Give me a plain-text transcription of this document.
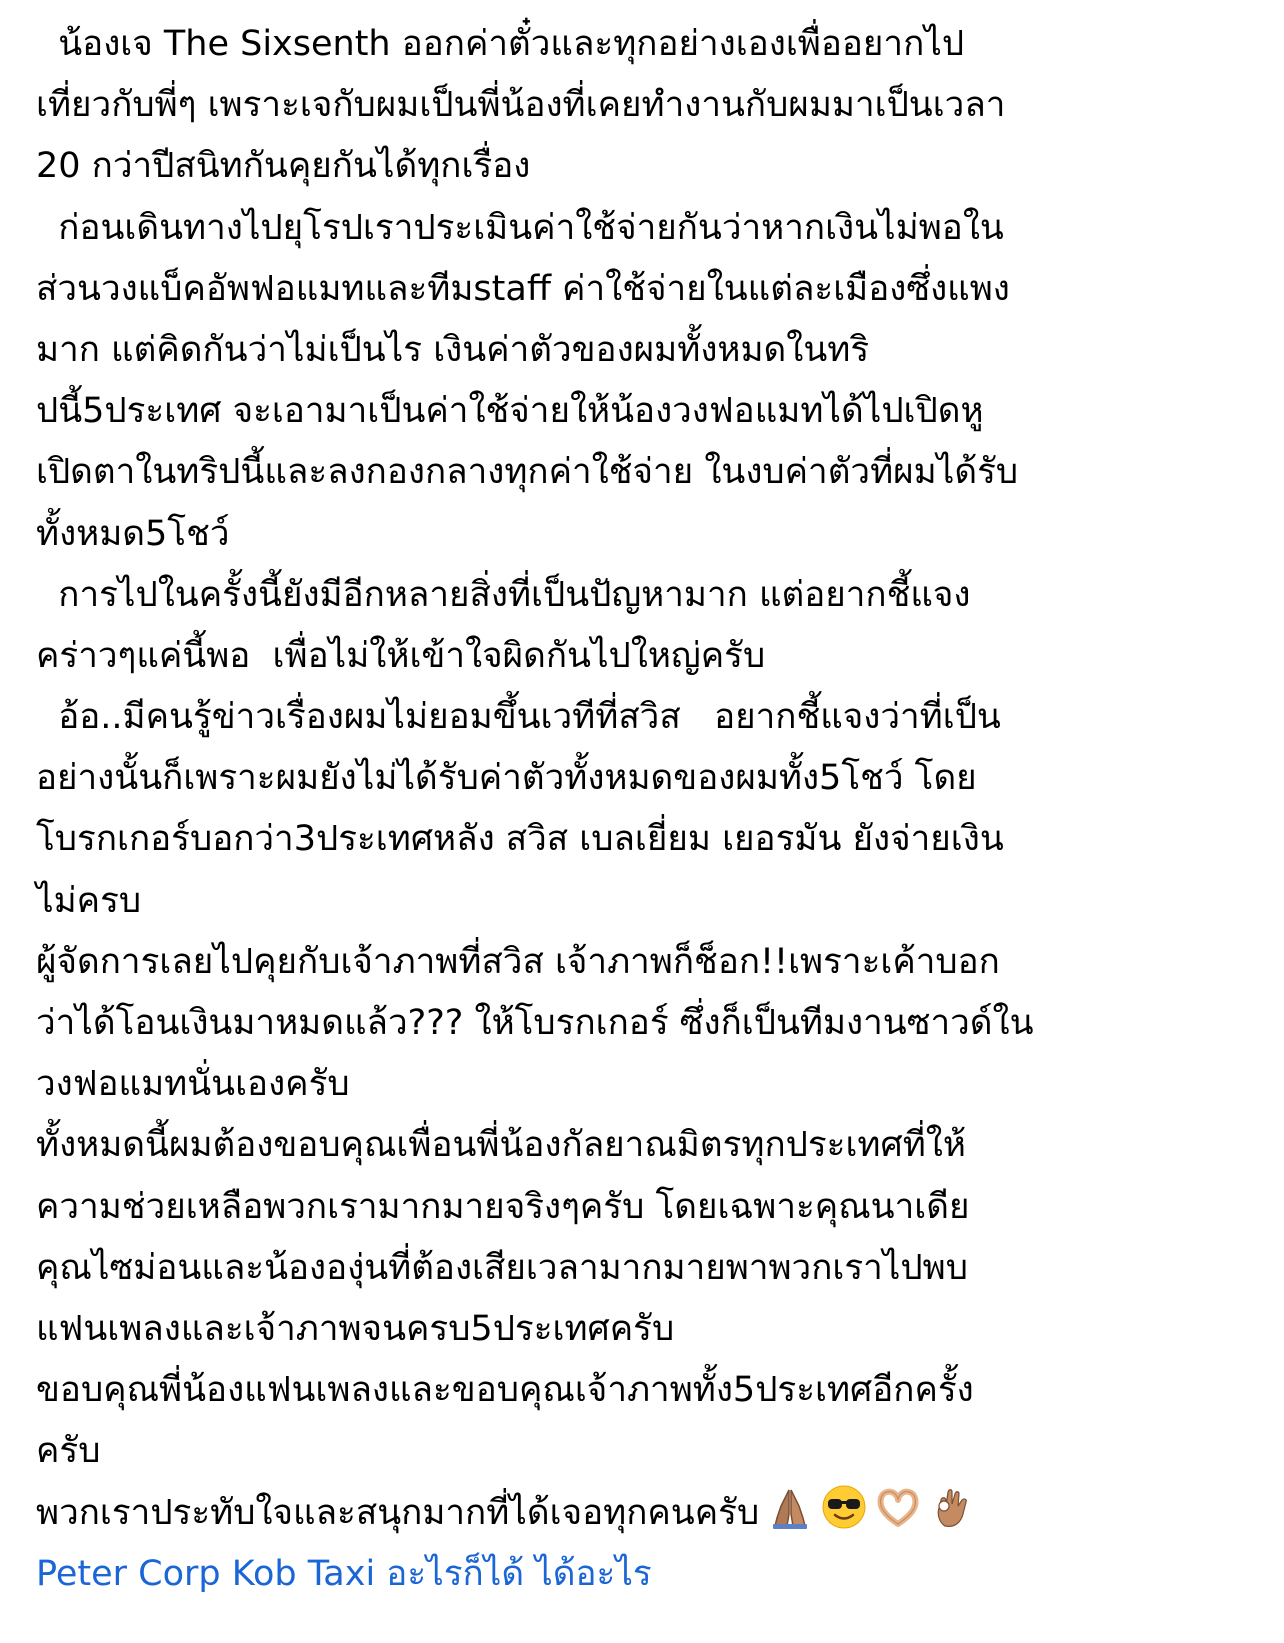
น้องเจ The Sixsenth ออกค่าตั๋วและทุกอย่างเองเพื่ออยากไป
เที่ยวกับพี่ๆ เพราะเจกับผมเป็นพี่น้องที่เคยทำงานกับผมมาเป็นเวลา
20 กว่าปีสนิทกันคุยกันได้ทุกเรื่อง
ก่อนเดินทางไปยุโรปเราประเมินค่าใช้จ่ายกันว่าหากเงินไม่พอใน
ส่วนวงแบ็คอัพฟอแมทและทีมstaff ค่าใช้จ่ายในแต่ละเมืองซึ่งแพง
มาก แต่คิดกันว่าไม่เป็นไร เงินค่าตัวของผมทั้งหมดในทริ
ปนี้5ประเทศ จะเอามาเป็นค่าใช้จ่ายให้น้องวงฟอแมทได้ไปเปิดหู
เปิดตาในทริปนี้และลงกองกลางทุกค่าใช้จ่าย ในงบค่าตัวที่ผมได้รับ
ทั้งหมด5โชว์
การไปในครั้งนี้ยังมีอีกหลายสิ่งที่เป็นปัญหามาก แต่อยากชี้แจง
คร่าวๆแค่นี้พอ  เพื่อไม่ให้เข้าใจผิดกันไปใหญ่ครับ
อ้อ..มีคนรู้ข่าวเรื่องผมไม่ยอมขึ้นเวทีที่สวิส   อยากชี้แจงว่าที่เป็น
อย่างนั้นก็เพราะผมยังไม่ได้รับค่าตัวทั้งหมดของผมทั้ง5โชว์ โดย
โบรกเกอร์บอกว่า3ประเทศหลัง สวิส เบลเยี่ยม เยอรมัน ยังจ่ายเงิน
ไม่ครบ
ผู้จัดการเลยไปคุยกับเจ้าภาพที่สวิส เจ้าภาพก็ช็อก!!เพราะเค้าบอก
ว่าได้โอนเงินมาหมดแล้ว??? ให้โบรกเกอร์ ซึ่งก็เป็นทีมงานซาวด์ใน
วงฟอแมทนั่นเองครับ
ทั้งหมดนี้ผมต้องขอบคุณเพื่อนพี่น้องกัลยาณมิตรทุกประเทศที่ให้
ความช่วยเหลือพวกเรามากมายจริงๆครับ โดยเฉพาะคุณนาเดีย
คุณไซม่อนและน้ององุ่นที่ต้องเสียเวลามากมายพาพวกเราไปพบ
แฟนเพลงและเจ้าภาพจนครบ5ประเทศครับ
ขอบคุณพี่น้องแฟนเพลงและขอบคุณเจ้าภาพทั้ง5ประเทศอีกครั้ง
ครับ
พวกเราประทับใจและสนุกมากที่ได้เจอทุกคนครับ
Peter Corp Kob Taxi อะไรก็ได้ ได้อะไร
